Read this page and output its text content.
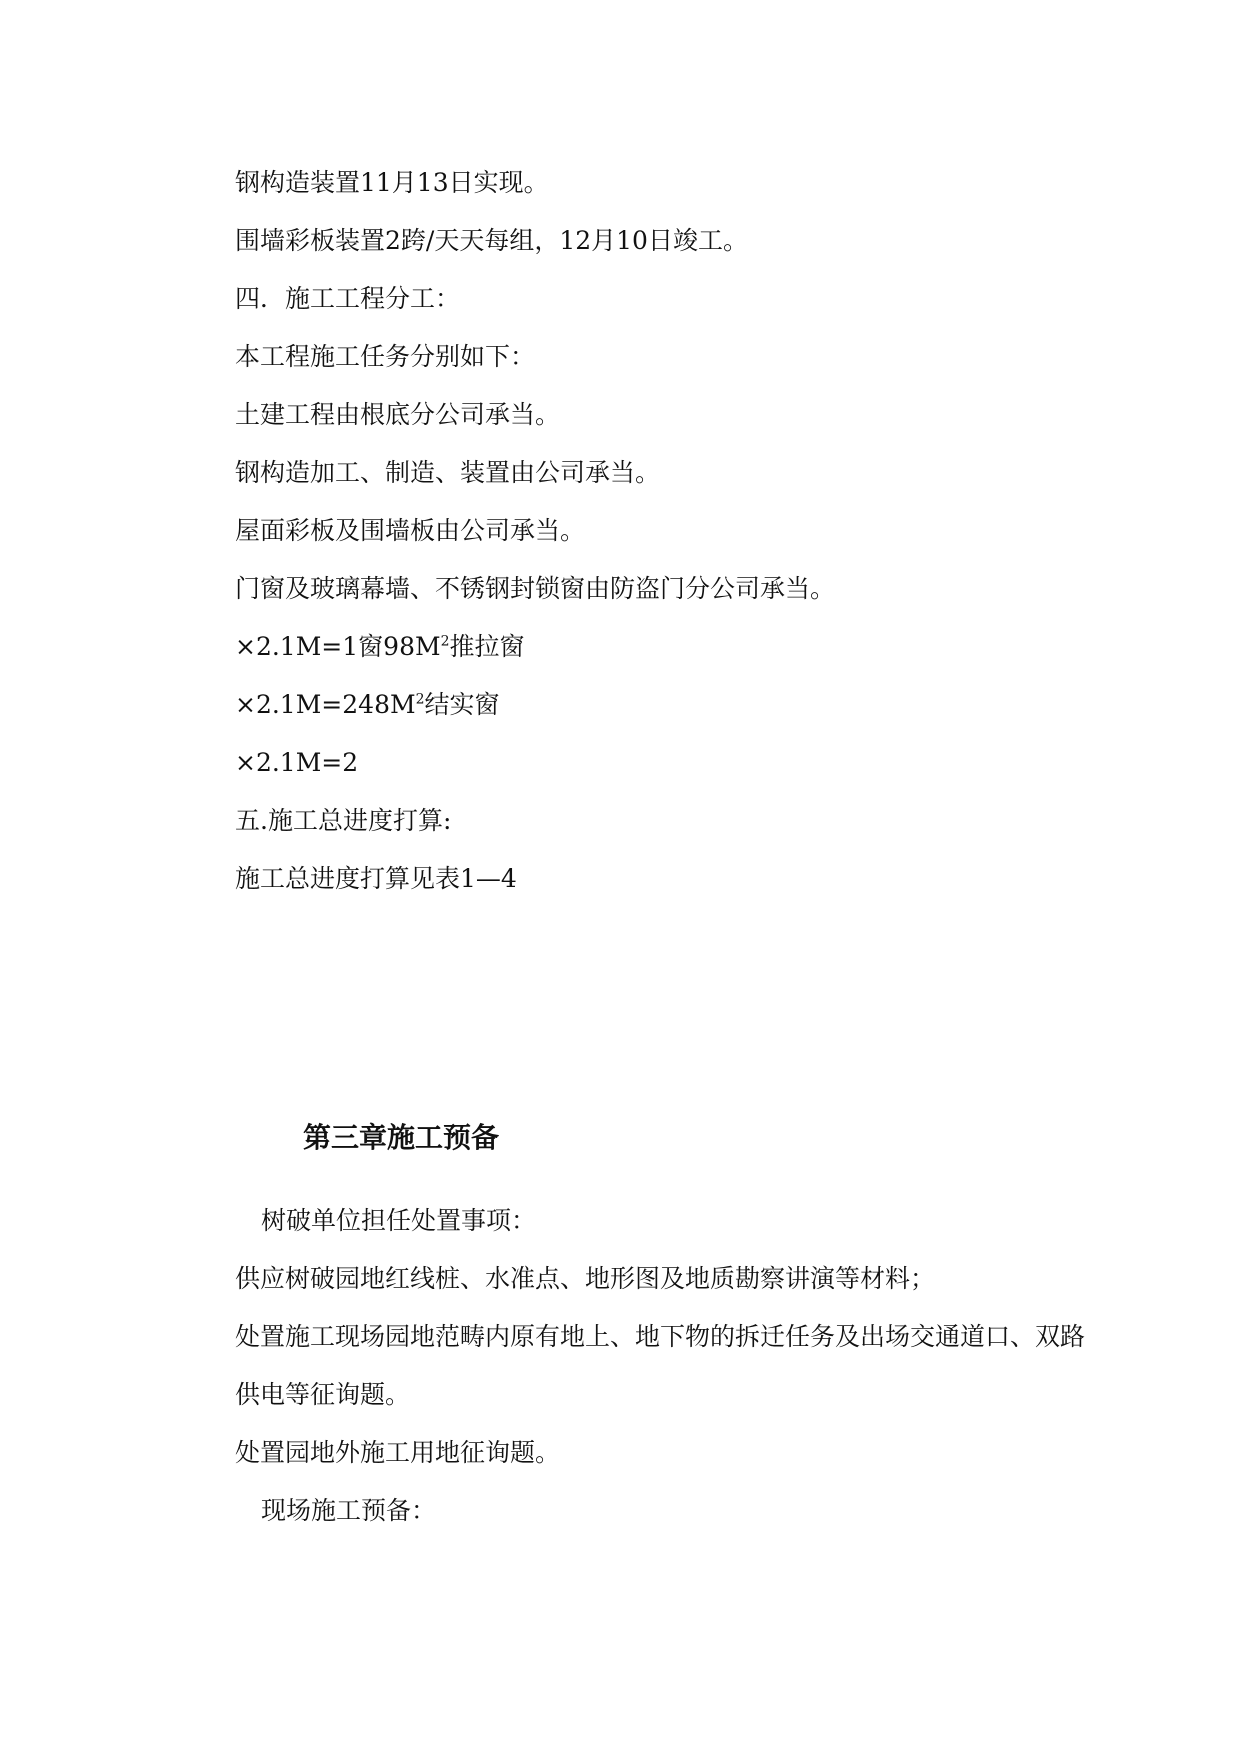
钢构造装置11月13日实现。

围墙彩板装置2跨/天天每组，12月10日竣工。

四．施工工程分工：

本工程施工任务分别如下：

土建工程由根底分公司承当。

钢构造加工、制造、装置由公司承当。

屋面彩板及围墙板由公司承当。

门窗及玻璃幕墙、不锈钢封锁窗由防盗门分公司承当。

×2.1M=1窗$98M^2$推拉窗

$\times 2.1M=248M^2$结实窗

×2.1M=2

五.施工总进度打算:

施工总进度打算见表1—4

第三章施工预备

树破单位担任处置事项：

供应树破园地红线桩、水准点、地形图及地质勘察讲演等材料；

处置施工现场园地范畴内原有地上、地下物的拆迁任务及出场交通道口、双路

供电等征询题。

处置园地外施工用地征询题。

现场施工预备：
